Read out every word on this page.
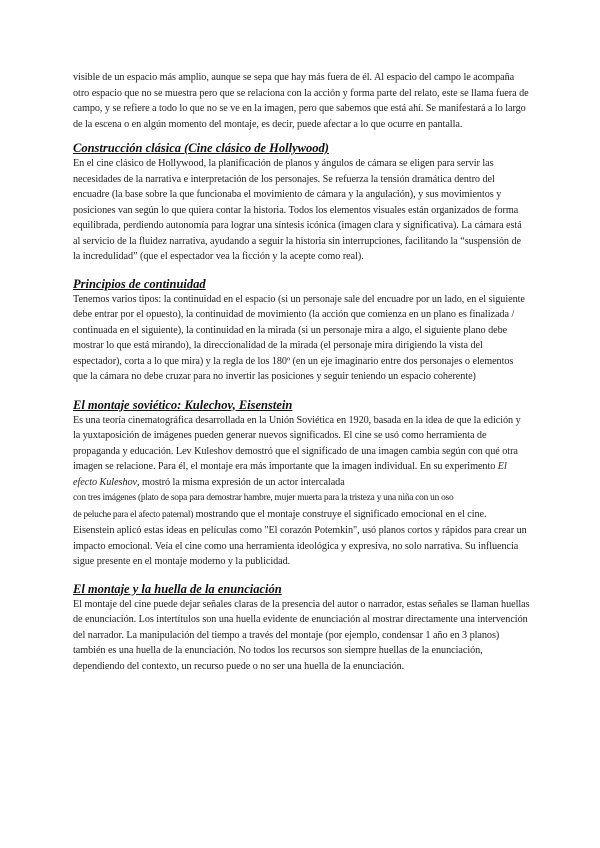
visible de un espacio más amplio, aunque se sepa que hay más fuera de él. Al espacio del campo le acompaña otro espacio que no se muestra pero que se relaciona con la acción y forma parte del relato, este se llama fuera de campo, y se refiere a todo lo que no se ve en la imagen, pero que sabemos que está ahí. Se manifestará a lo largo de la escena o en algún momento del montaje, es decir, puede afectar a lo que ocurre en pantalla.

Construcción clásica (Cine clásico de Hollywood)

En el cine clásico de Hollywood, la planificación de planos y ángulos de cámara se eligen para servir las necesidades de la narrativa e interpretación de los personajes. Se refuerza la tensión dramática dentro del encuadre (la base sobre la que funcionaba el movimiento de cámara y la angulación), y sus movimientos y posiciones van según lo que quiera contar la historia. Todos los elementos visuales están organizados de forma equilibrada, perdiendo autonomía para lograr una síntesis icónica (imagen clara y significativa). La cámara está al servicio de la fluidez narrativa, ayudando a seguir la historia sin interrupciones, facilitando la “suspensión de la incredulidad” (que el espectador vea la ficción y la acepte como real).

Principios de continuidad

Tenemos varios tipos: la continuidad en el espacio (si un personaje sale del encuadre por un lado, en el siguiente debe entrar por el opuesto), la continuidad de movimiento (la acción que comienza en un plano es finalizada / continuada en el siguiente), la continuidad en la mirada (si un personaje mira a algo, el siguiente plano debe mostrar lo que está mirando), la direccionalidad de la mirada (el personaje mira dirigiendo la vista del espectador), corta a lo que mira) y la regla de los 180º (en un eje imaginario entre dos personajes o elementos que la cámara no debe cruzar para no invertir las posiciones y seguir teniendo un espacio coherente)

El montaje soviético: Kulechov, Eisenstein

Es una teoría cinematográfica desarrollada en la Unión Soviética en 1920, basada en la idea de que la edición y la yuxtaposición de imágenes pueden generar nuevos significados. El cine se usó como herramienta de propaganda y educación. Lev Kuleshov demostró que el significado de una imagen cambia según con qué otra imagen se relacione. Para él, el montaje era más importante que la imagen individual. En su experimento El efecto Kuleshov, mostró la misma expresión de un actor intercalada
con tres imágenes (plato de sopa para demostrar hambre, mujer muerta para la tristeza y una niña con un oso
de peluche para el afecto paternal) mostrando que el montaje construye el significado emocional en el cine. Eisenstein aplicó estas ideas en películas como "El corazón Potemkin", usó planos cortos y rápidos para crear un impacto emocional. Veía el cine como una herramienta ideológica y expresiva, no solo narrativa. Su influencia sigue presente en el montaje moderno y la publicidad.

El montaje y la huella de la enunciación

El montaje del cine puede dejar señales claras de la presencia del autor o narrador, estas señales se llaman huellas de enunciación. Los intertítulos son una huella evidente de enunciación al mostrar directamente una intervención del narrador. La manipulación del tiempo a través del montaje (por ejemplo, condensar 1 año en 3 planos) también es una huella de la enunciación. No todos los recursos son siempre huellas de la enunciación, dependiendo del contexto, un recurso puede o no ser una huella de la enunciación.
